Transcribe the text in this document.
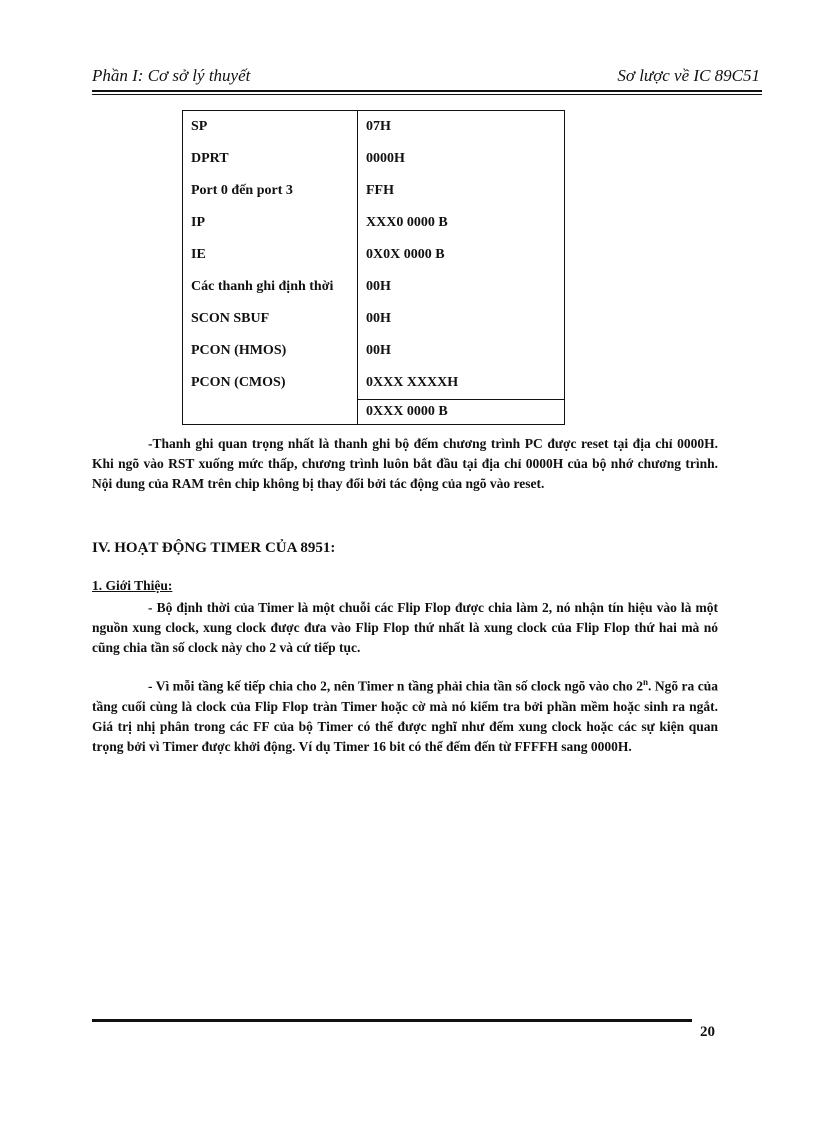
Phần I: Cơ sở lý thuyết	Sơ lược về IC 89C51
SP	07H
DPRT	0000H
Port 0 đến port 3	FFH
IP	XXX0 0000 B
IE	0X0X 0000 B
Các thanh ghi định thời	00H
SCON SBUF	00H
PCON (HMOS)	00H
PCON (CMOS)	0XXX XXXXH
	0XXX 0000 B

-Thanh ghi quan trọng nhất là thanh ghi bộ đếm chương trình PC được reset tại địa chỉ 0000H. Khi ngõ vào RST xuống mức thấp, chương trình luôn bắt đầu tại địa chỉ 0000H của bộ nhớ chương trình. Nội dung của RAM trên chip không bị thay đổi bởi tác động của ngõ vào reset.

IV. HOẠT ĐỘNG TIMER CỦA 8951:
1. Giới Thiệu:

- Bộ định thời của Timer là một chuỗi các Flip Flop được chia làm 2, nó nhận tín hiệu vào là một nguồn xung clock, xung clock được đưa vào Flip Flop thứ nhất là xung clock của Flip Flop thứ hai mà nó cũng chia tần số clock này cho 2 và cứ tiếp tục.

- Vì mỗi tầng kế tiếp chia cho 2, nên Timer n tầng phải chia tần số clock ngõ vào cho 2$^n$. Ngõ ra của tầng cuối cùng là clock của Flip Flop tràn Timer hoặc cờ mà nó kiểm tra bởi phần mềm hoặc sinh ra ngắt. Giá trị nhị phân trong các FF của bộ Timer có thể được nghĩ như đếm xung clock hoặc các sự kiện quan trọng bởi vì Timer được khởi động. Ví dụ Timer 16 bit có thể đếm đến từ FFFFH sang 0000H.

20
